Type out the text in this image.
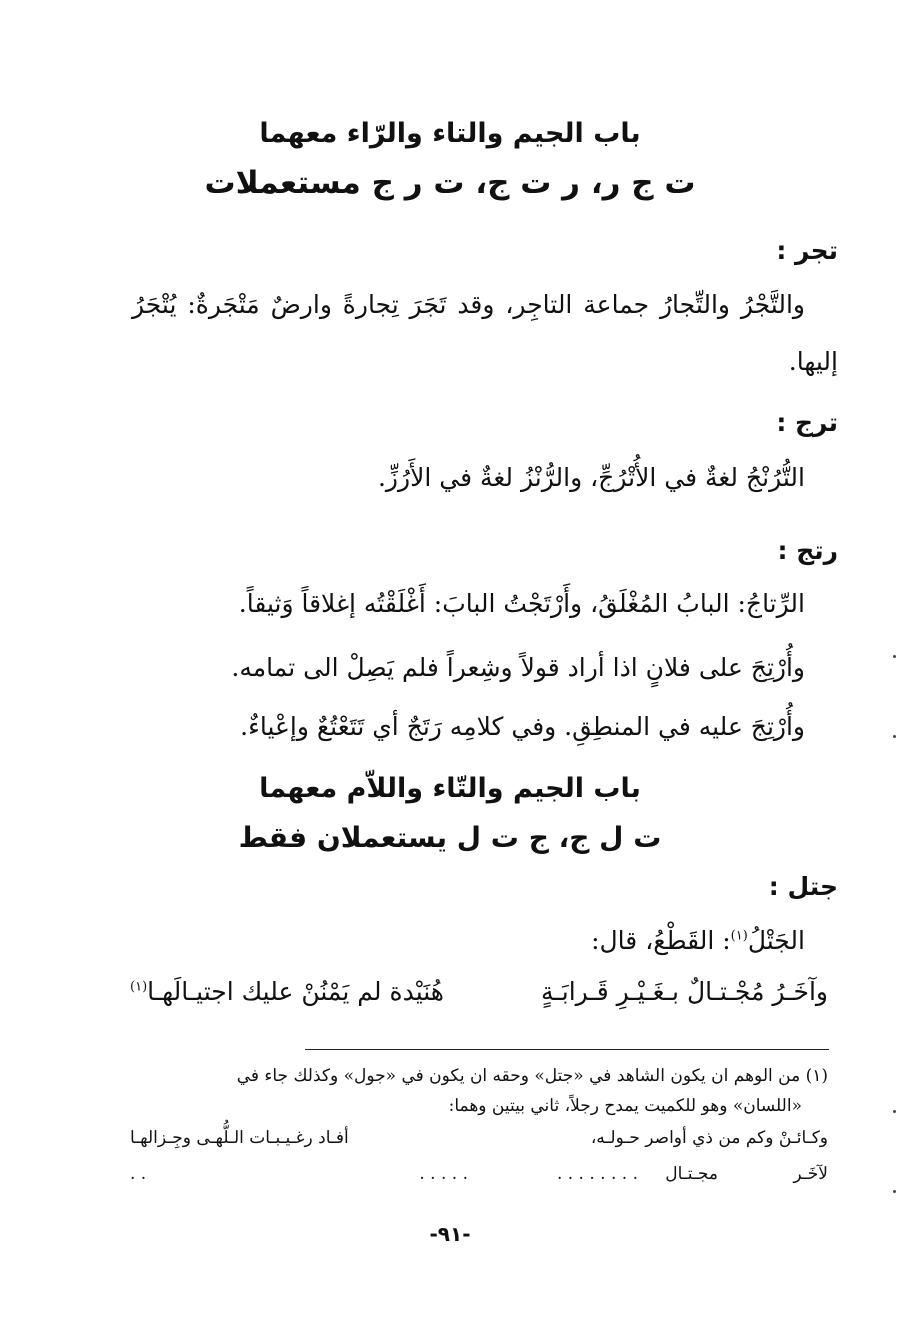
باب الجيم والتاء والرّاء معهما
ت ج ر، ر ت ج، ت ر ج مستعملات
تجر :
والتَّجْرُ والتِّجارُ جماعة التاجِر، وقد تَجَرَ تِجارةً وارضٌ مَتْجَرةٌ: يُتْجَرُ
إليها.
ترج :
التُّرُنْجُ لغةٌ في الأُتْرُجِّ، والرُّنْزُ لغةٌ في الأَرُزِّ.
رتج :
الرِّتاجُ: البابُ المُغْلَقُ، وأَرْتَجْتُ البابَ: أَغْلَقْتُه إغلاقاً وَثيقاً.
وأُرْتِجَ على فلانٍ اذا أراد قولاً وشِعراً فلم يَصِلْ الى تمامه.
وأُرْتِجَ عليه في المنطِقِ. وفي كلامِه رَتَجٌ أي تَتَعْتُعٌ وإعْياءٌ.
باب الجيم والتّاء واللاّم معهما
ت ل ج، ج ت ل يستعملان فقط
جتل :
الجَتْلُ$^{(١)}$: القَطْعُ، قال:
وآخَـرُ مُجْـتـالٌ بـغَـيْـرِ قَـرابَـةٍ
هُنَيْدة لم يَمْنُنْ عليك اجتيـالَهـا$^{(١)}$
(١) من الوهم ان يكون الشاهد في «جتل» وحقه ان يكون في «جول» وكذلك جاء في
«اللسان» وهو للكميت يمدح رجلاً، ثاني بيتين وهما:
وكـائـنْ وكم من ذي أواصر حـولـه،
أفـاد رغـيـبـات الـلُّهـى وجِـزالهـا
لآخَـر
مجـتـال
. . . . . . . .
. . . . .
. .
-٩١-
